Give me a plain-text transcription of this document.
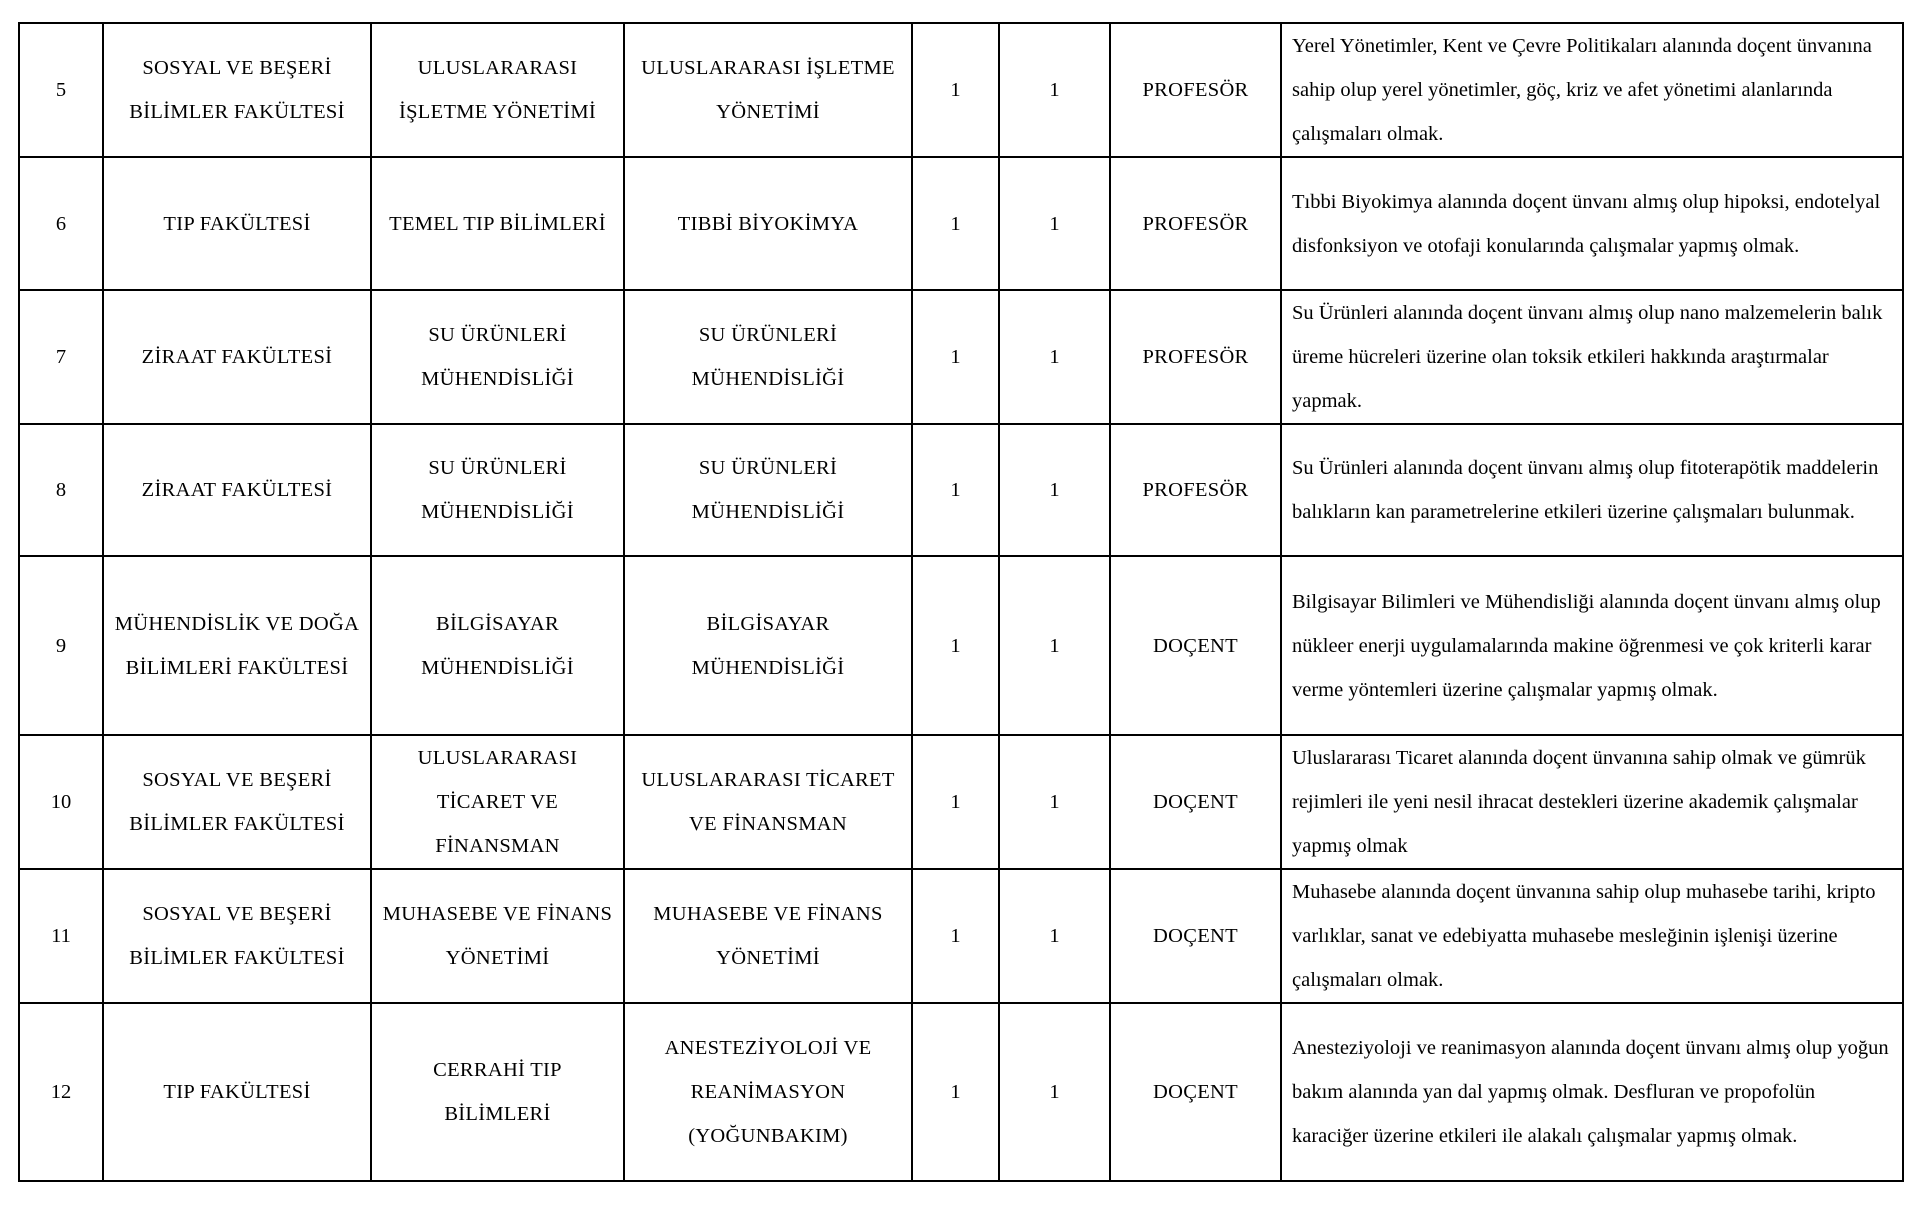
5	SOSYAL VE BEŞERİ BİLİMLER FAKÜLTESİ	ULUSLARARASI İŞLETME YÖNETİMİ	ULUSLARARASI İŞLETME YÖNETİMİ	1	1	PROFESÖR	Yerel Yönetimler, Kent ve Çevre Politikaları alanında doçent ünvanına sahip olup yerel yönetimler, göç, kriz ve afet yönetimi alanlarında çalışmaları olmak.
6	TIP FAKÜLTESİ	TEMEL TIP BİLİMLERİ	TIBBİ BİYOKİMYA	1	1	PROFESÖR	Tıbbi Biyokimya alanında doçent ünvanı almış olup hipoksi, endotelyal disfonksiyon ve otofaji konularında çalışmalar yapmış olmak.
7	ZİRAAT FAKÜLTESİ	SU ÜRÜNLERİ MÜHENDİSLİĞİ	SU ÜRÜNLERİ MÜHENDİSLİĞİ	1	1	PROFESÖR	Su Ürünleri alanında doçent ünvanı almış olup nano malzemelerin balık üreme hücreleri üzerine olan toksik etkileri hakkında araştırmalar yapmak.
8	ZİRAAT FAKÜLTESİ	SU ÜRÜNLERİ MÜHENDİSLİĞİ	SU ÜRÜNLERİ MÜHENDİSLİĞİ	1	1	PROFESÖR	Su Ürünleri alanında doçent ünvanı almış olup fitoterapötik maddelerin balıkların kan parametrelerine etkileri üzerine çalışmaları bulunmak.
9	MÜHENDİSLİK VE DOĞA BİLİMLERİ FAKÜLTESİ	BİLGİSAYAR MÜHENDİSLİĞİ	BİLGİSAYAR MÜHENDİSLİĞİ	1	1	DOÇENT	Bilgisayar Bilimleri ve Mühendisliği alanında doçent ünvanı almış olup nükleer enerji uygulamalarında makine öğrenmesi ve çok kriterli karar verme yöntemleri üzerine çalışmalar yapmış olmak.
10	SOSYAL VE BEŞERİ BİLİMLER FAKÜLTESİ	ULUSLARARASI TİCARET VE FİNANSMAN	ULUSLARARASI TİCARET VE FİNANSMAN	1	1	DOÇENT	Uluslararası Ticaret alanında doçent ünvanına sahip olmak ve gümrük rejimleri ile yeni nesil ihracat destekleri üzerine akademik çalışmalar yapmış olmak
11	SOSYAL VE BEŞERİ BİLİMLER FAKÜLTESİ	MUHASEBE VE FİNANS YÖNETİMİ	MUHASEBE VE FİNANS YÖNETİMİ	1	1	DOÇENT	Muhasebe alanında doçent ünvanına sahip olup muhasebe tarihi, kripto varlıklar, sanat ve edebiyatta muhasebe mesleğinin işlenişi üzerine çalışmaları olmak.
12	TIP FAKÜLTESİ	CERRAHİ TIP BİLİMLERİ	ANESTEZİYOLOJİ VE REANİMASYON (YOĞUNBAKIM)	1	1	DOÇENT	Anesteziyoloji ve reanimasyon alanında doçent ünvanı almış olup yoğun bakım alanında yan dal yapmış olmak. Desfluran ve propofolün karaciğer üzerine etkileri ile alakalı çalışmalar yapmış olmak.
